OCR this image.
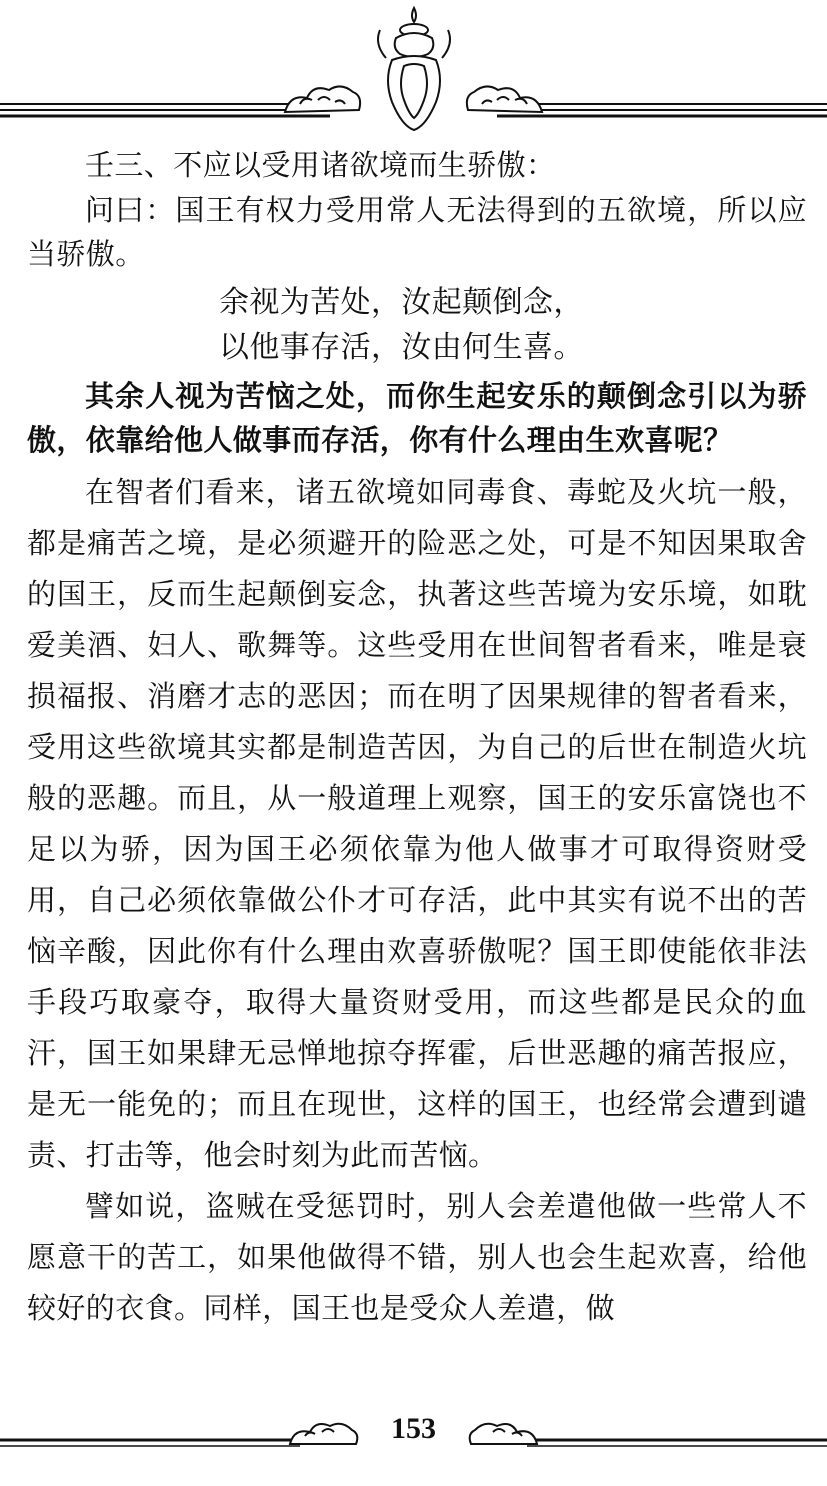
壬三、不应以受用诸欲境而生骄傲：

问曰：国王有权力受用常人无法得到的五欲境，所以应当骄傲。

余视为苦处，汝起颠倒念，
以他事存活，汝由何生喜。

其余人视为苦恼之处，而你生起安乐的颠倒念引以为骄傲，依靠给他人做事而存活，你有什么理由生欢喜呢？

在智者们看来，诸五欲境如同毒食、毒蛇及火坑一般，都是痛苦之境，是必须避开的险恶之处，可是不知因果取舍的国王，反而生起颠倒妄念，执著这些苦境为安乐境，如耽爱美酒、妇人、歌舞等。这些受用在世间智者看来，唯是衰损福报、消磨才志的恶因；而在明了因果规律的智者看来，受用这些欲境其实都是制造苦因，为自己的后世在制造火坑般的恶趣。而且，从一般道理上观察，国王的安乐富饶也不足以为骄，因为国王必须依靠为他人做事才可取得资财受用，自己必须依靠做公仆才可存活，此中其实有说不出的苦恼辛酸，因此你有什么理由欢喜骄傲呢？国王即使能依非法手段巧取豪夺，取得大量资财受用，而这些都是民众的血汗，国王如果肆无忌惮地掠夺挥霍，后世恶趣的痛苦报应，是无一能免的；而且在现世，这样的国王，也经常会遭到谴责、打击等，他会时刻为此而苦恼。

譬如说，盗贼在受惩罚时，别人会差遣他做一些常人不愿意干的苦工，如果他做得不错，别人也会生起欢喜，给他较好的衣食。同样，国王也是受众人差遣，做

153
